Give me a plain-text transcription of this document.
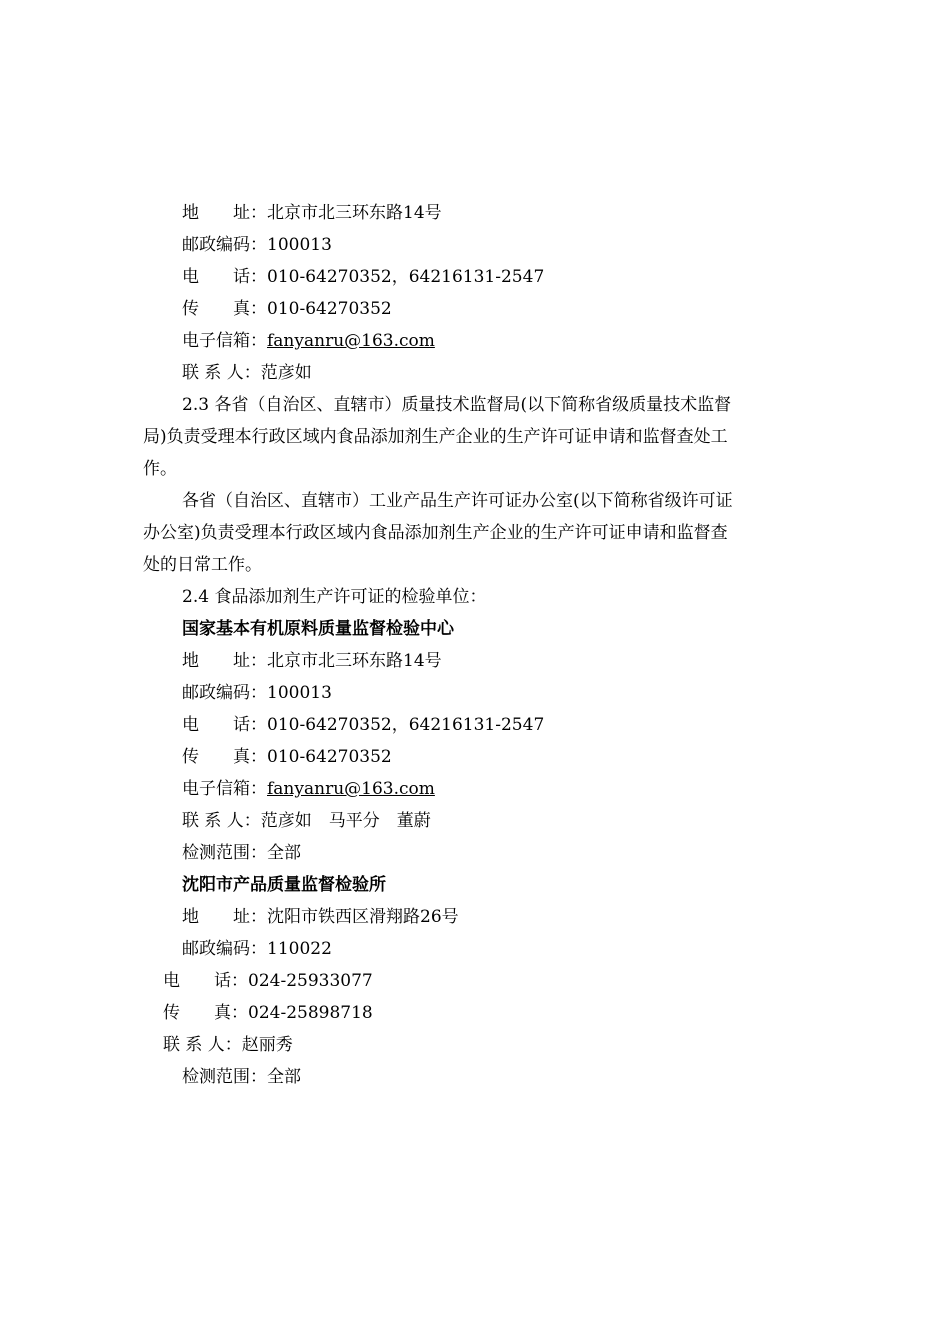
地　　址：北京市北三环东路14号
邮政编码：100013
电　　话：010-64270352，64216131-2547
传　　真：010-64270352
电子信箱：fanyanru@163.com
联 系 人：范彦如
2.3 各省（自治区、直辖市）质量技术监督局(以下简称省级质量技术监督
局)负责受理本行政区域内食品添加剂生产企业的生产许可证申请和监督查处工
作。
各省（自治区、直辖市）工业产品生产许可证办公室(以下简称省级许可证
办公室)负责受理本行政区域内食品添加剂生产企业的生产许可证申请和监督查
处的日常工作。
2.4 食品添加剂生产许可证的检验单位：
国家基本有机原料质量监督检验中心
地　　址：北京市北三环东路14号
邮政编码：100013
电　　话：010-64270352，64216131-2547
传　　真：010-64270352
电子信箱：fanyanru@163.com
联 系 人：范彦如　马平分　董蔚
检测范围：全部
沈阳市产品质量监督检验所
地　　址：沈阳市铁西区滑翔路26号
邮政编码：110022
电　　话：024-25933077
传　　真：024-25898718
联 系 人：赵丽秀
检测范围：全部
